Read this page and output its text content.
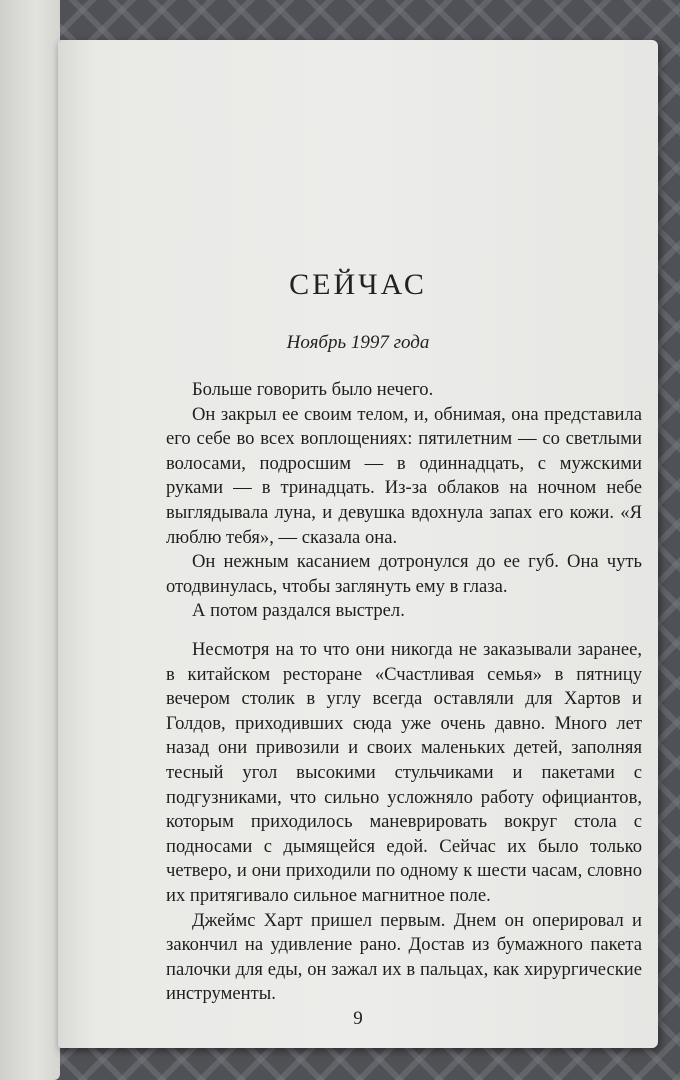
СЕЙЧАС

Ноябрь 1997 года

Больше говорить было нечего.

Он закрыл ее своим телом, и, обнимая, она представила его себе во всех воплощениях: пятилетним — со светлыми волосами, подросшим — в одиннадцать, с мужскими руками — в тринадцать. Из-за облаков на ночном небе выглядывала луна, и девушка вдохнула запах его кожи. «Я люблю тебя», — сказала она.

Он нежным касанием дотронулся до ее губ. Она чуть отодвинулась, чтобы заглянуть ему в глаза.

А потом раздался выстрел.

Несмотря на то что они никогда не заказывали заранее, в китайском ресторане «Счастливая семья» в пятницу вечером столик в углу всегда оставляли для Хартов и Голдов, приходивших сюда уже очень давно. Много лет назад они привозили и своих маленьких детей, заполняя тесный угол высокими стульчиками и пакетами с подгузниками, что сильно усложняло работу официантов, которым приходилось маневрировать вокруг стола с подносами с дымящейся едой. Сейчас их было только четверо, и они приходили по одному к шести часам, словно их притягивало сильное магнитное поле.

Джеймс Харт пришел первым. Днем он оперировал и закончил на удивление рано. Достав из бумажного пакета палочки для еды, он зажал их в пальцах, как хирургические инструменты.

9
